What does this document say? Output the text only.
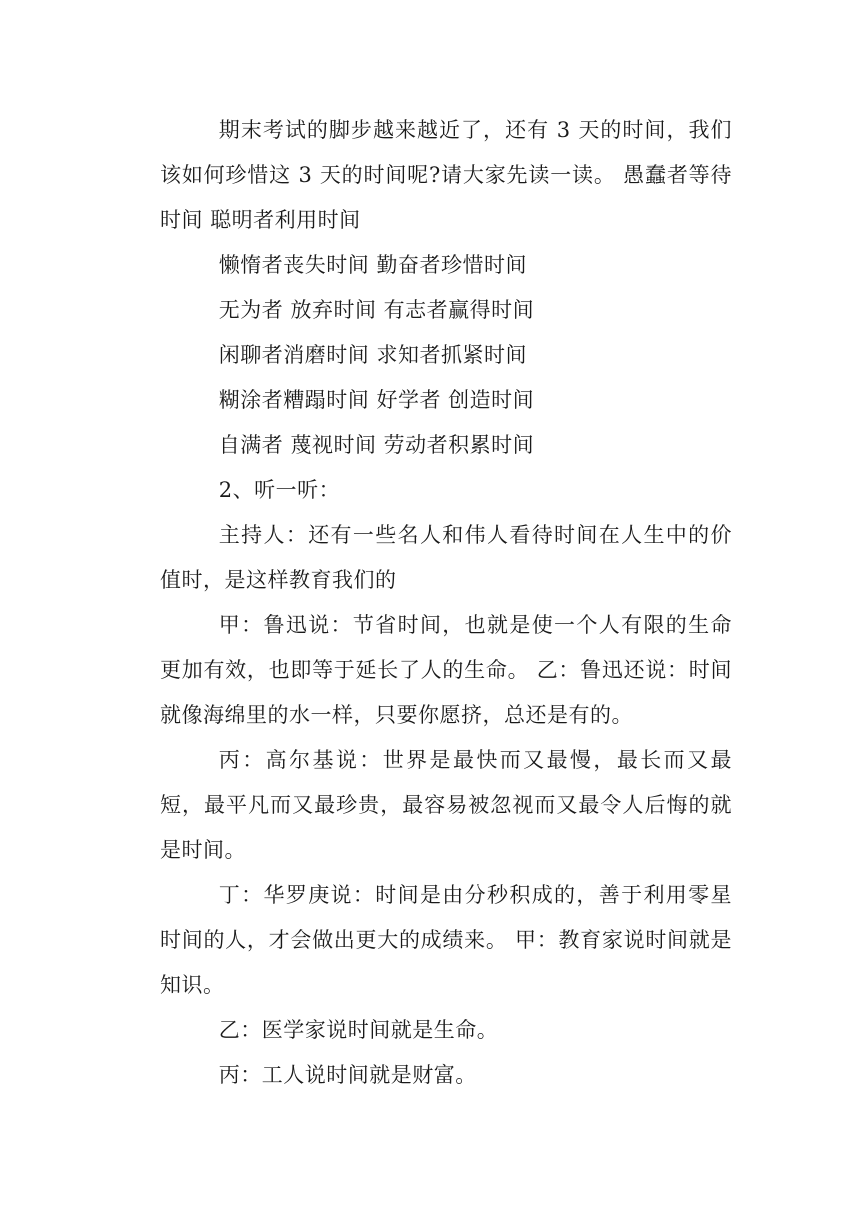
期末考试的脚步越来越近了，还有 3 天的时间，我们该如何珍惜这 3 天的时间呢?请大家先读一读。 愚蠢者等待时间 聪明者利用时间

懒惰者丧失时间 勤奋者珍惜时间

无为者 放弃时间 有志者赢得时间

闲聊者消磨时间 求知者抓紧时间

糊涂者糟蹋时间 好学者 创造时间

自满者 蔑视时间 劳动者积累时间

2、听一听：

主持人：还有一些名人和伟人看待时间在人生中的价值时，是这样教育我们的

甲：鲁迅说：节省时间，也就是使一个人有限的生命更加有效，也即等于延长了人的生命。 乙：鲁迅还说：时间就像海绵里的水一样，只要你愿挤，总还是有的。

丙：高尔基说：世界是最快而又最慢，最长而又最短，最平凡而又最珍贵，最容易被忽视而又最令人后悔的就是时间。

丁：华罗庚说：时间是由分秒积成的，善于利用零星时间的人，才会做出更大的成绩来。 甲：教育家说时间就是知识。

乙：医学家说时间就是生命。

丙：工人说时间就是财富。
